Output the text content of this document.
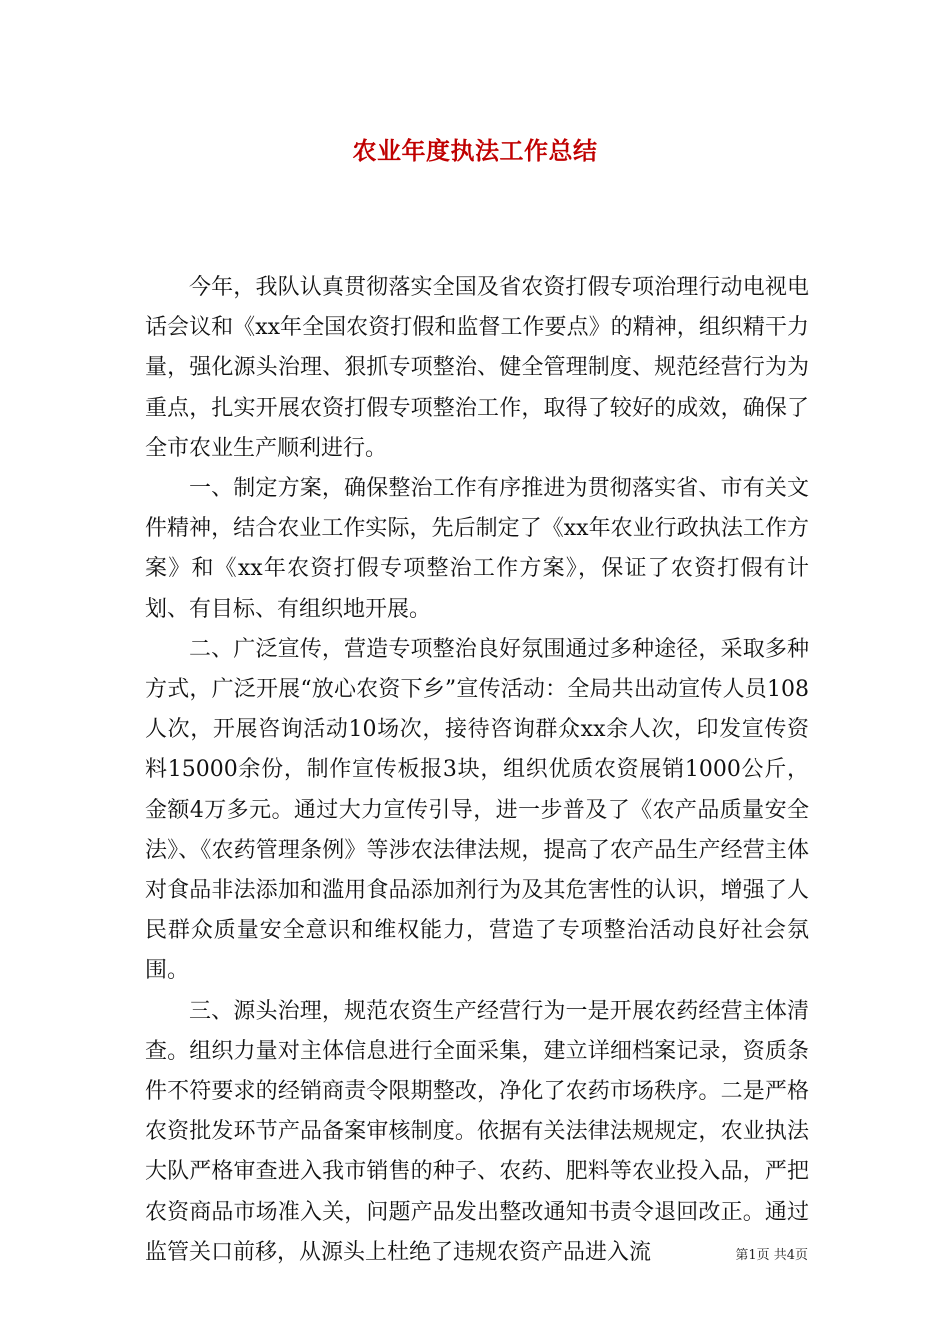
农业年度执法工作总结

今年，我队认真贯彻落实全国及省农资打假专项治理行动电视电话会议和《xx年全国农资打假和监督工作要点》的精神，组织精干力量，强化源头治理、狠抓专项整治、健全管理制度、规范经营行为为重点，扎实开展农资打假专项整治工作，取得了较好的成效，确保了全市农业生产顺利进行。

一、制定方案，确保整治工作有序推进为贯彻落实省、市有关文件精神，结合农业工作实际，先后制定了《xx年农业行政执法工作方案》和《xx年农资打假专项整治工作方案》，保证了农资打假有计划、有目标、有组织地开展。

二、广泛宣传，营造专项整治良好氛围通过多种途径，采取多种方式，广泛开展“放心农资下乡”宣传活动：全局共出动宣传人员108人次，开展咨询活动10场次，接待咨询群众xx余人次，印发宣传资料15000余份，制作宣传板报3块，组织优质农资展销1000公斤，金额4万多元。通过大力宣传引导，进一步普及了《农产品质量安全法》、《农药管理条例》等涉农法律法规，提高了农产品生产经营主体对食品非法添加和滥用食品添加剂行为及其危害性的认识，增强了人民群众质量安全意识和维权能力，营造了专项整治活动良好社会氛围。

三、源头治理，规范农资生产经营行为一是开展农药经营主体清查。组织力量对主体信息进行全面采集，建立详细档案记录，资质条件不符要求的经销商责令限期整改，净化了农药市场秩序。二是严格农资批发环节产品备案审核制度。依据有关法律法规规定，农业执法大队严格审查进入我市销售的种子、农药、肥料等农业投入品，严把农资商品市场准入关，问题产品发出整改通知书责令退回改正。通过监管关口前移，从源头上杜绝了违规农资产品进入流	第1页 共4页
